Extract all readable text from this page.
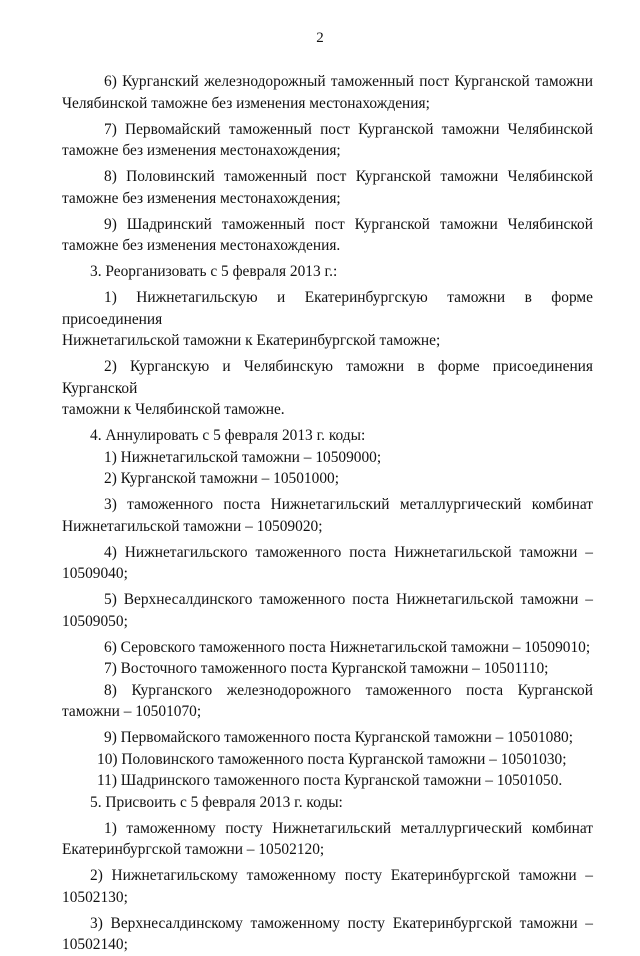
2
6) Курганский железнодорожный таможенный пост Курганской таможни
Челябинской таможне без изменения местонахождения;
7) Первомайский таможенный пост Курганской таможни Челябинской
таможне без изменения местонахождения;
8) Половинский таможенный пост Курганской таможни Челябинской
таможне без изменения местонахождения;
9) Шадринский таможенный пост Курганской таможни Челябинской
таможне без изменения местонахождения.
3. Реорганизовать с 5 февраля 2013 г.:
1) Нижнетагильскую и Екатеринбургскую таможни в форме присоединения
Нижнетагильской таможни к Екатеринбургской таможне;
2) Курганскую и Челябинскую таможни в форме присоединения Курганской
таможни к Челябинской таможне.
4. Аннулировать с 5 февраля 2013 г. коды:
1) Нижнетагильской таможни – 10509000;
2) Курганской таможни – 10501000;
3) таможенного поста Нижнетагильский металлургический комбинат
Нижнетагильской таможни – 10509020;
4) Нижнетагильского таможенного поста Нижнетагильской таможни –
10509040;
5) Верхнесалдинского таможенного поста Нижнетагильской таможни –
10509050;
6) Серовского таможенного поста Нижнетагильской таможни – 10509010;
7) Восточного таможенного поста Курганской таможни – 10501110;
8) Курганского железнодорожного таможенного поста Курганской
таможни – 10501070;
9) Первомайского таможенного поста Курганской таможни – 10501080;
10) Половинского таможенного поста Курганской таможни – 10501030;
11) Шадринского таможенного поста Курганской таможни – 10501050.
5. Присвоить с 5 февраля 2013 г. коды:
1) таможенному посту Нижнетагильский металлургический комбинат
Екатеринбургской таможни – 10502120;
2) Нижнетагильскому таможенному посту Екатеринбургской таможни –
10502130;
3) Верхнесалдинскому таможенному посту Екатеринбургской таможни –
10502140;
